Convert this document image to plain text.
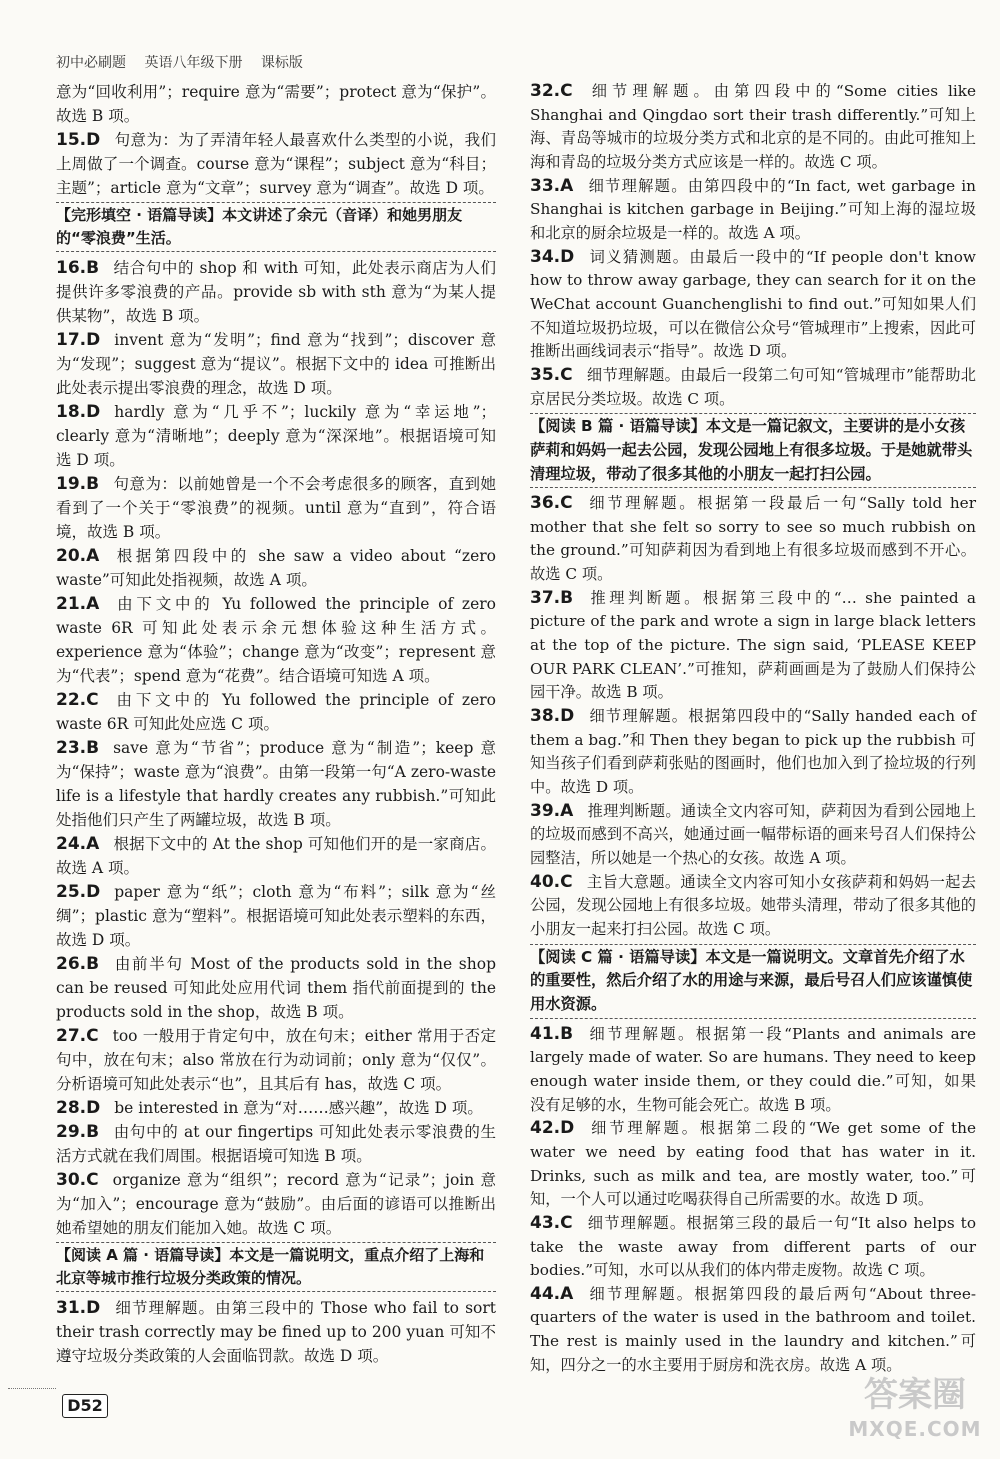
初中必刷题 英语八年级下册 课标版
意为“回收利用”；require 意为“需要”；protect 意为“保护”。故选 B 项。
15.D 句意为：为了弄清年轻人最喜欢什么类型的小说，我们上周做了一个调查。course 意为“课程”；subject 意为“科目；主题”；article 意为“文章”；survey 意为“调查”。故选 D 项。
【完形填空 · 语篇导读】本文讲述了余元（音译）和她男朋友的“零浪费”生活。
16.B 结合句中的 shop 和 with 可知，此处表示商店为人们提供许多零浪费的产品。provide sb with sth 意为“为某人提供某物”，故选 B 项。
17.D invent 意为“发明”；find 意为“找到”；discover 意为“发现”；suggest 意为“提议”。根据下文中的 idea 可推断出此处表示提出零浪费的理念，故选 D 项。
18.D hardly 意为“几乎不”；luckily 意为“幸运地”；clearly 意为“清晰地”；deeply 意为“深深地”。根据语境可知选 D 项。
19.B 句意为：以前她曾是一个不会考虑很多的顾客，直到她看到了一个关于“零浪费”的视频。until 意为“直到”，符合语境，故选 B 项。
20.A 根据第四段中的 she saw a video about “zero waste”可知此处指视频，故选 A 项。
21.A 由下文中的 Yu followed the principle of zero waste 6R 可知此处表示余元想体验这种生活方式。experience 意为“体验”；change 意为“改变”；represent 意为“代表”；spend 意为“花费”。结合语境可知选 A 项。
22.C 由下文中的 Yu followed the principle of zero waste 6R 可知此处应选 C 项。
23.B save 意为“节省”；produce 意为“制造”；keep 意为“保持”；waste 意为“浪费”。由第一段第一句“A zero-waste life is a lifestyle that hardly creates any rubbish.”可知此处指他们只产生了两罐垃圾，故选 B 项。
24.A 根据下文中的 At the shop 可知他们开的是一家商店。故选 A 项。
25.D paper 意为“纸”；cloth 意为“布料”；silk 意为“丝绸”；plastic 意为“塑料”。根据语境可知此处表示塑料的东西，故选 D 项。
26.B 由前半句 Most of the products sold in the shop can be reused 可知此处应用代词 them 指代前面提到的 the products sold in the shop，故选 B 项。
27.C too 一般用于肯定句中，放在句末；either 常用于否定句中，放在句末；also 常放在行为动词前；only 意为“仅仅”。分析语境可知此处表示“也”，且其后有 has，故选 C 项。
28.D be interested in 意为“对……感兴趣”，故选 D 项。
29.B 由句中的 at our fingertips 可知此处表示零浪费的生活方式就在我们周围。根据语境可知选 B 项。
30.C organize 意为“组织”；record 意为“记录”；join 意为“加入”；encourage 意为“鼓励”。由后面的谚语可以推断出她希望她的朋友们能加入她。故选 C 项。
【阅读 A 篇 · 语篇导读】本文是一篇说明文，重点介绍了上海和北京等城市推行垃圾分类政策的情况。
31.D 细节理解题。由第三段中的 Those who fail to sort their trash correctly may be fined up to 200 yuan 可知不遵守垃圾分类政策的人会面临罚款。故选 D 项。
32.C 细节理解题。由第四段中的“Some cities like Shanghai and Qingdao sort their trash differently.”可知上海、青岛等城市的垃圾分类方式和北京的是不同的。由此可推知上海和青岛的垃圾分类方式应该是一样的。故选 C 项。
33.A 细节理解题。由第四段中的“In fact, wet garbage in Shanghai is kitchen garbage in Beijing.”可知上海的湿垃圾和北京的厨余垃圾是一样的。故选 A 项。
34.D 词义猜测题。由最后一段中的“If people don't know how to throw away garbage, they can search for it on the WeChat account Guanchenglishi to find out.”可知如果人们不知道垃圾扔垃圾，可以在微信公众号“管城理市”上搜索，因此可推断出画线词表示“指导”。故选 D 项。
35.C 细节理解题。由最后一段第二句可知“管城理市”能帮助北京居民分类垃圾。故选 C 项。
【阅读 B 篇 · 语篇导读】本文是一篇记叙文，主要讲的是小女孩萨莉和妈妈一起去公园，发现公园地上有很多垃圾。于是她就带头清理垃圾，带动了很多其他的小朋友一起打扫公园。
36.C 细节理解题。根据第一段最后一句“Sally told her mother that she felt so sorry to see so much rubbish on the ground.”可知萨莉因为看到地上有很多垃圾而感到不开心。故选 C 项。
37.B 推理判断题。根据第三段中的“… she painted a picture of the park and wrote a sign in large black letters at the top of the picture. The sign said, ‘PLEASE KEEP OUR PARK CLEAN’.”可推知，萨莉画画是为了鼓励人们保持公园干净。故选 B 项。
38.D 细节理解题。根据第四段中的“Sally handed each of them a bag.”和 Then they began to pick up the rubbish 可知当孩子们看到萨莉张贴的图画时，他们也加入到了捡垃圾的行列中。故选 D 项。
39.A 推理判断题。通读全文内容可知，萨莉因为看到公园地上的垃圾而感到不高兴，她通过画一幅带标语的画来号召人们保持公园整洁，所以她是一个热心的女孩。故选 A 项。
40.C 主旨大意题。通读全文内容可知小女孩萨莉和妈妈一起去公园，发现公园地上有很多垃圾。她带头清理，带动了很多其他的小朋友一起来打扫公园。故选 C 项。
【阅读 C 篇 · 语篇导读】本文是一篇说明文。文章首先介绍了水的重要性，然后介绍了水的用途与来源，最后号召人们应该谨慎使用水资源。
41.B 细节理解题。根据第一段“Plants and animals are largely made of water. So are humans. They need to keep enough water inside them, or they could die.”可知，如果没有足够的水，生物可能会死亡。故选 B 项。
42.D 细节理解题。根据第二段的“We get some of the water we need by eating food that has water in it. Drinks, such as milk and tea, are mostly water, too.”可知，一个人可以通过吃喝获得自己所需要的水。故选 D 项。
43.C 细节理解题。根据第三段的最后一句“It also helps to take the waste away from different parts of our bodies.”可知，水可以从我们的体内带走废物。故选 C 项。
44.A 细节理解题。根据第四段的最后两句“About three-quarters of the water is used in the bathroom and toilet. The rest is mainly used in the laundry and kitchen.”可知，四分之一的水主要用于厨房和洗衣房。故选 A 项。
D52	答案圈
MXQE.COM
